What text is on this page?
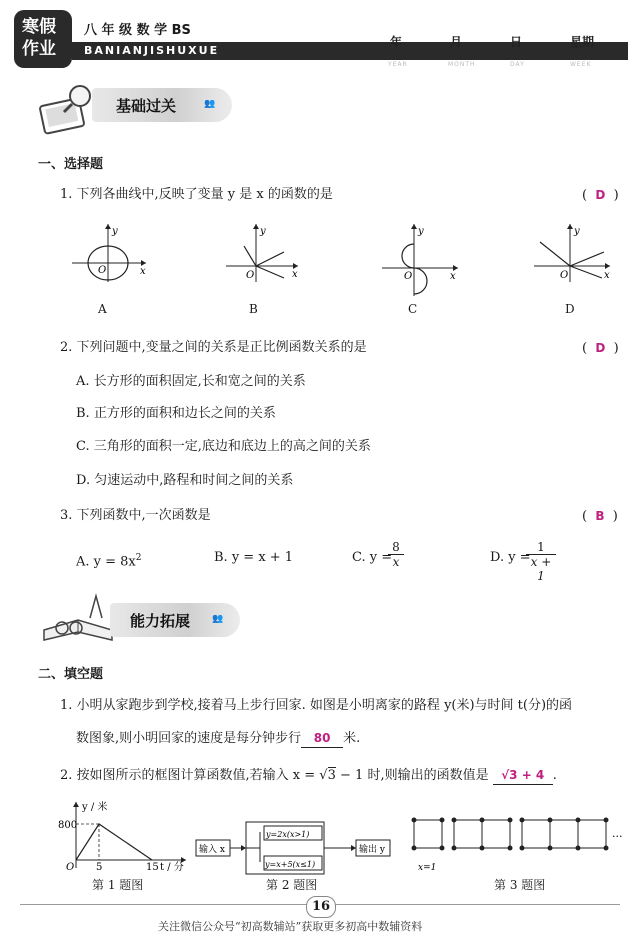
BANIANJISHUXUE
寒假
作业
八 年 级 数 学 BS
年	月	日	星期
YEAR	MONTH	DAY	WEEK
基础过关	👥
一、选择题
1. 下列各曲线中,反映了变量 y 是 x 的函数的是	(  D  )
y
x
O
A
y
x
O
B
y
x
O
C
y
x
O
D
2. 下列问题中,变量之间的关系是正比例函数关系的是	(  D  )
A. 长方形的面积固定,长和宽之间的关系
B. 正方形的面积和边长之间的关系
C. 三角形的面积一定,底边和底边上的高之间的关系
D. 匀速运动中,路程和时间之间的关系
3. 下列函数中,一次函数是	(  B  )
A. $y = 8x^2$	B. y = x + 1	C. y =
$\frac{8}{x}$	D. y =
$\frac{1}{x + 1}$
能力拓展 👥
二、填空题
1. 小明从家跑步到学校,接着马上步行回家. 如图是小明离家的路程 y(米)与时间 t(分)的函
数图象,则小明回家的速度是每分钟步行 80 米.
2. 按如图所示的框图计算函数值,若输入 x = √3 − 1 时,则输出的函数值是 √3 + 4 .
y / 米
800
O 5	15 t / 分
第 1 题图
输入 x
y=2x(x>1)
y=x+5(x≤1)
输出 y
第 2 题图
x=1
···
第 3 题图
16
关注微信公众号“初高数辅站”获取更多初高中数辅资料
